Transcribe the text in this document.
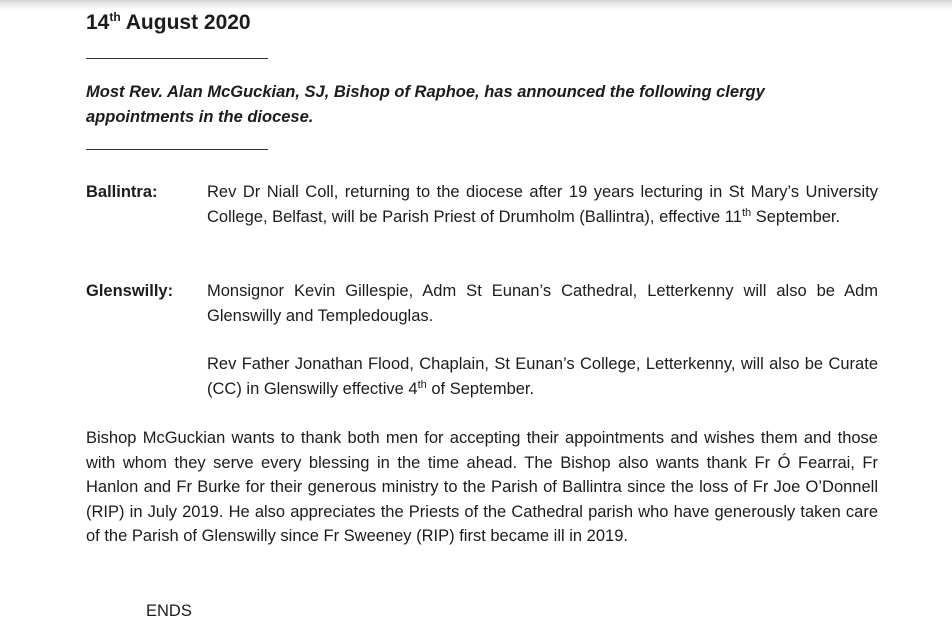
14th August 2020
Most Rev. Alan McGuckian, SJ, Bishop of Raphoe, has announced the following clergy appointments in the diocese.
Ballintra:	Rev Dr Niall Coll, returning to the diocese after 19 years lecturing in St Mary’s University College, Belfast, will be Parish Priest of Drumholm (Ballintra), effective 11th September.
Glenswilly: Monsignor Kevin Gillespie, Adm St Eunan’s Cathedral, Letterkenny will also be Adm Glenswilly and Templedouglas.
Rev Father Jonathan Flood, Chaplain, St Eunan’s College, Letterkenny, will also be Curate (CC) in Glenswilly effective 4th of September.
Bishop McGuckian wants to thank both men for accepting their appointments and wishes them and those with whom they serve every blessing in the time ahead. The Bishop also wants thank Fr Ó Fearrai, Fr Hanlon and Fr Burke for their generous ministry to the Parish of Ballintra since the loss of Fr Joe O’Donnell (RIP) in July 2019. He also appreciates the Priests of the Cathedral parish who have generously taken care of the Parish of Glenswilly since Fr Sweeney (RIP) first became ill in 2019.
ENDS
